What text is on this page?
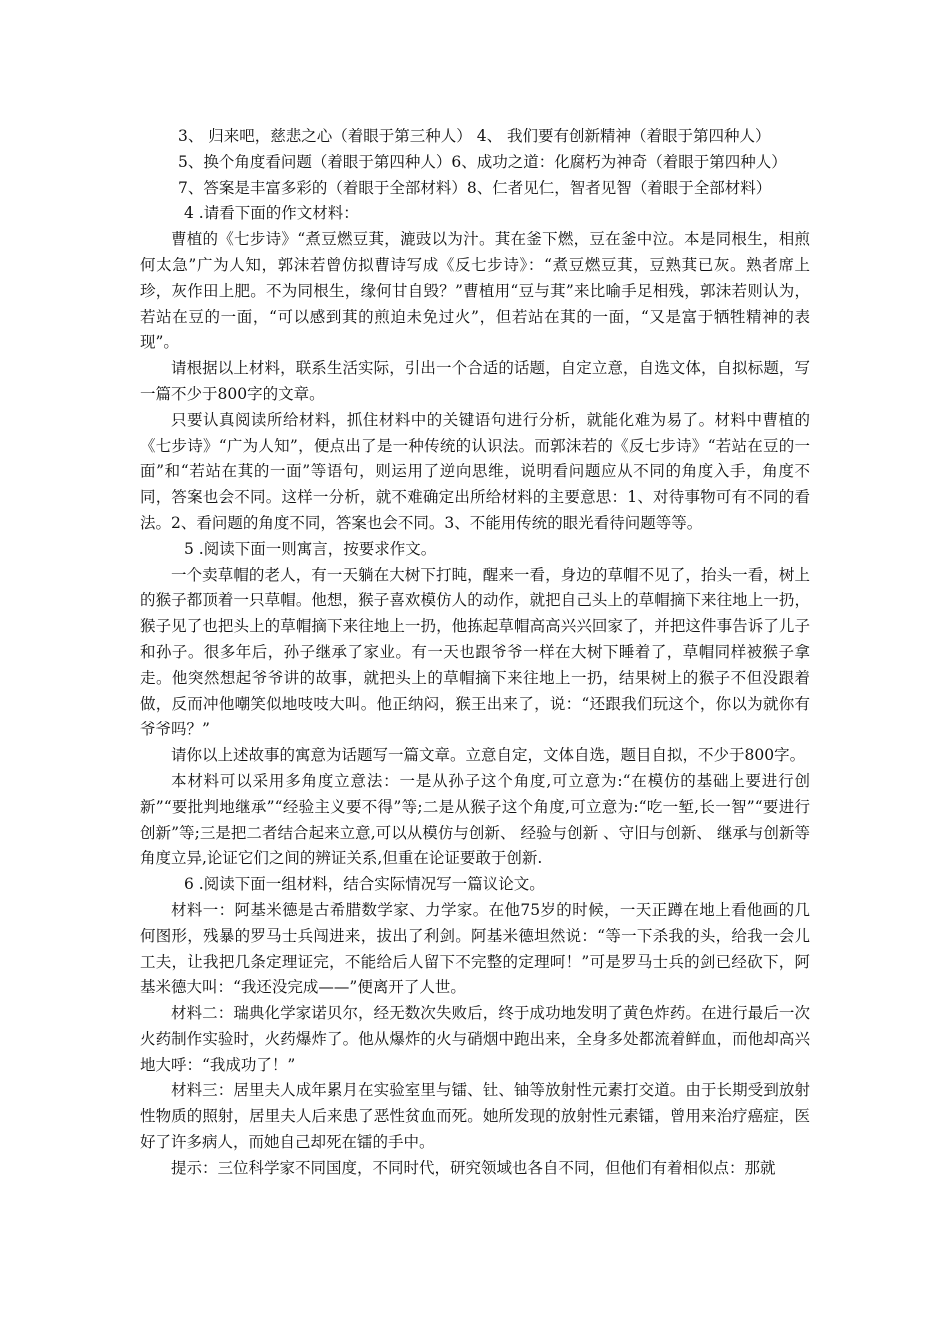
3、 归来吧，慈悲之心（着眼于第三种人） 4、 我们要有创新精神（着眼于第四种人）

5、换个角度看问题（着眼于第四种人）6、成功之道：化腐朽为神奇（着眼于第四种人）

7、答案是丰富多彩的（着眼于全部材料）8、仁者见仁，智者见智（着眼于全部材料）

4 .请看下面的作文材料：

曹植的《七步诗》“煮豆燃豆萁，漉豉以为汁。萁在釜下燃，豆在釜中泣。本是同根生，相煎何太急”广为人知，郭沫若曾仿拟曹诗写成《反七步诗》：“煮豆燃豆萁，豆熟萁已灰。熟者席上珍，灰作田上肥。不为同根生，缘何甘自毁？”曹植用“豆与萁”来比喻手足相残，郭沫若则认为，若站在豆的一面，“可以感到萁的煎迫未免过火”，但若站在萁的一面，“又是富于牺牲精神的表现”。

请根据以上材料，联系生活实际，引出一个合适的话题，自定立意，自选文体，自拟标题，写一篇不少于800字的文章。

只要认真阅读所给材料，抓住材料中的关键语句进行分析，就能化难为易了。材料中曹植的《七步诗》“广为人知”，便点出了是一种传统的认识法。而郭沫若的《反七步诗》“若站在豆的一面”和“若站在萁的一面”等语句，则运用了逆向思维，说明看问题应从不同的角度入手，角度不同，答案也会不同。这样一分析，就不难确定出所给材料的主要意思：1、对待事物可有不同的看法。2、看问题的角度不同，答案也会不同。3、不能用传统的眼光看待问题等等。

5 .阅读下面一则寓言，按要求作文。

一个卖草帽的老人，有一天躺在大树下打盹，醒来一看，身边的草帽不见了，抬头一看，树上的猴子都顶着一只草帽。他想，猴子喜欢模仿人的动作，就把自己头上的草帽摘下来往地上一扔，猴子见了也把头上的草帽摘下来往地上一扔，他拣起草帽高高兴兴回家了，并把这件事告诉了儿子和孙子。很多年后，孙子继承了家业。有一天也跟爷爷一样在大树下睡着了，草帽同样被猴子拿走。他突然想起爷爷讲的故事，就把头上的草帽摘下来往地上一扔，结果树上的猴子不但没跟着做，反而冲他嘲笑似地吱吱大叫。他正纳闷，猴王出来了，说：“还跟我们玩这个，你以为就你有爷爷吗？”

请你以上述故事的寓意为话题写一篇文章。立意自定，文体自选，题目自拟，不少于800字。

本材料可以采用多角度立意法：一是从孙子这个角度,可立意为:“在模仿的基础上要进行创新”“要批判地继承”“经验主义要不得”等;二是从猴子这个角度,可立意为:“吃一堑,长一智”“要进行创新”等;三是把二者结合起来立意,可以从模仿与创新、 经验与创新 、守旧与创新、 继承与创新等角度立异,论证它们之间的辨证关系,但重在论证要敢于创新.

6 .阅读下面一组材料，结合实际情况写一篇议论文。

材料一：阿基米德是古希腊数学家、力学家。在他75岁的时候，一天正蹲在地上看他画的几何图形，残暴的罗马士兵闯进来，拔出了利剑。阿基米德坦然说：“等一下杀我的头，给我一会儿工夫，让我把几条定理证完，不能给后人留下不完整的定理呵！”可是罗马士兵的剑已经砍下，阿基米德大叫：“我还没完成——”便离开了人世。

材料二：瑞典化学家诺贝尔，经无数次失败后，终于成功地发明了黄色炸药。在进行最后一次火药制作实验时，火药爆炸了。他从爆炸的火与硝烟中跑出来，全身多处都流着鲜血，而他却高兴地大呼：“我成功了！”

材料三：居里夫人成年累月在实验室里与镭、钍、铀等放射性元素打交道。由于长期受到放射性物质的照射，居里夫人后来患了恶性贫血而死。她所发现的放射性元素镭，曾用来治疗癌症，医好了许多病人，而她自己却死在镭的手中。

提示：三位科学家不同国度，不同时代，研究领域也各自不同，但他们有着相似点：那就
